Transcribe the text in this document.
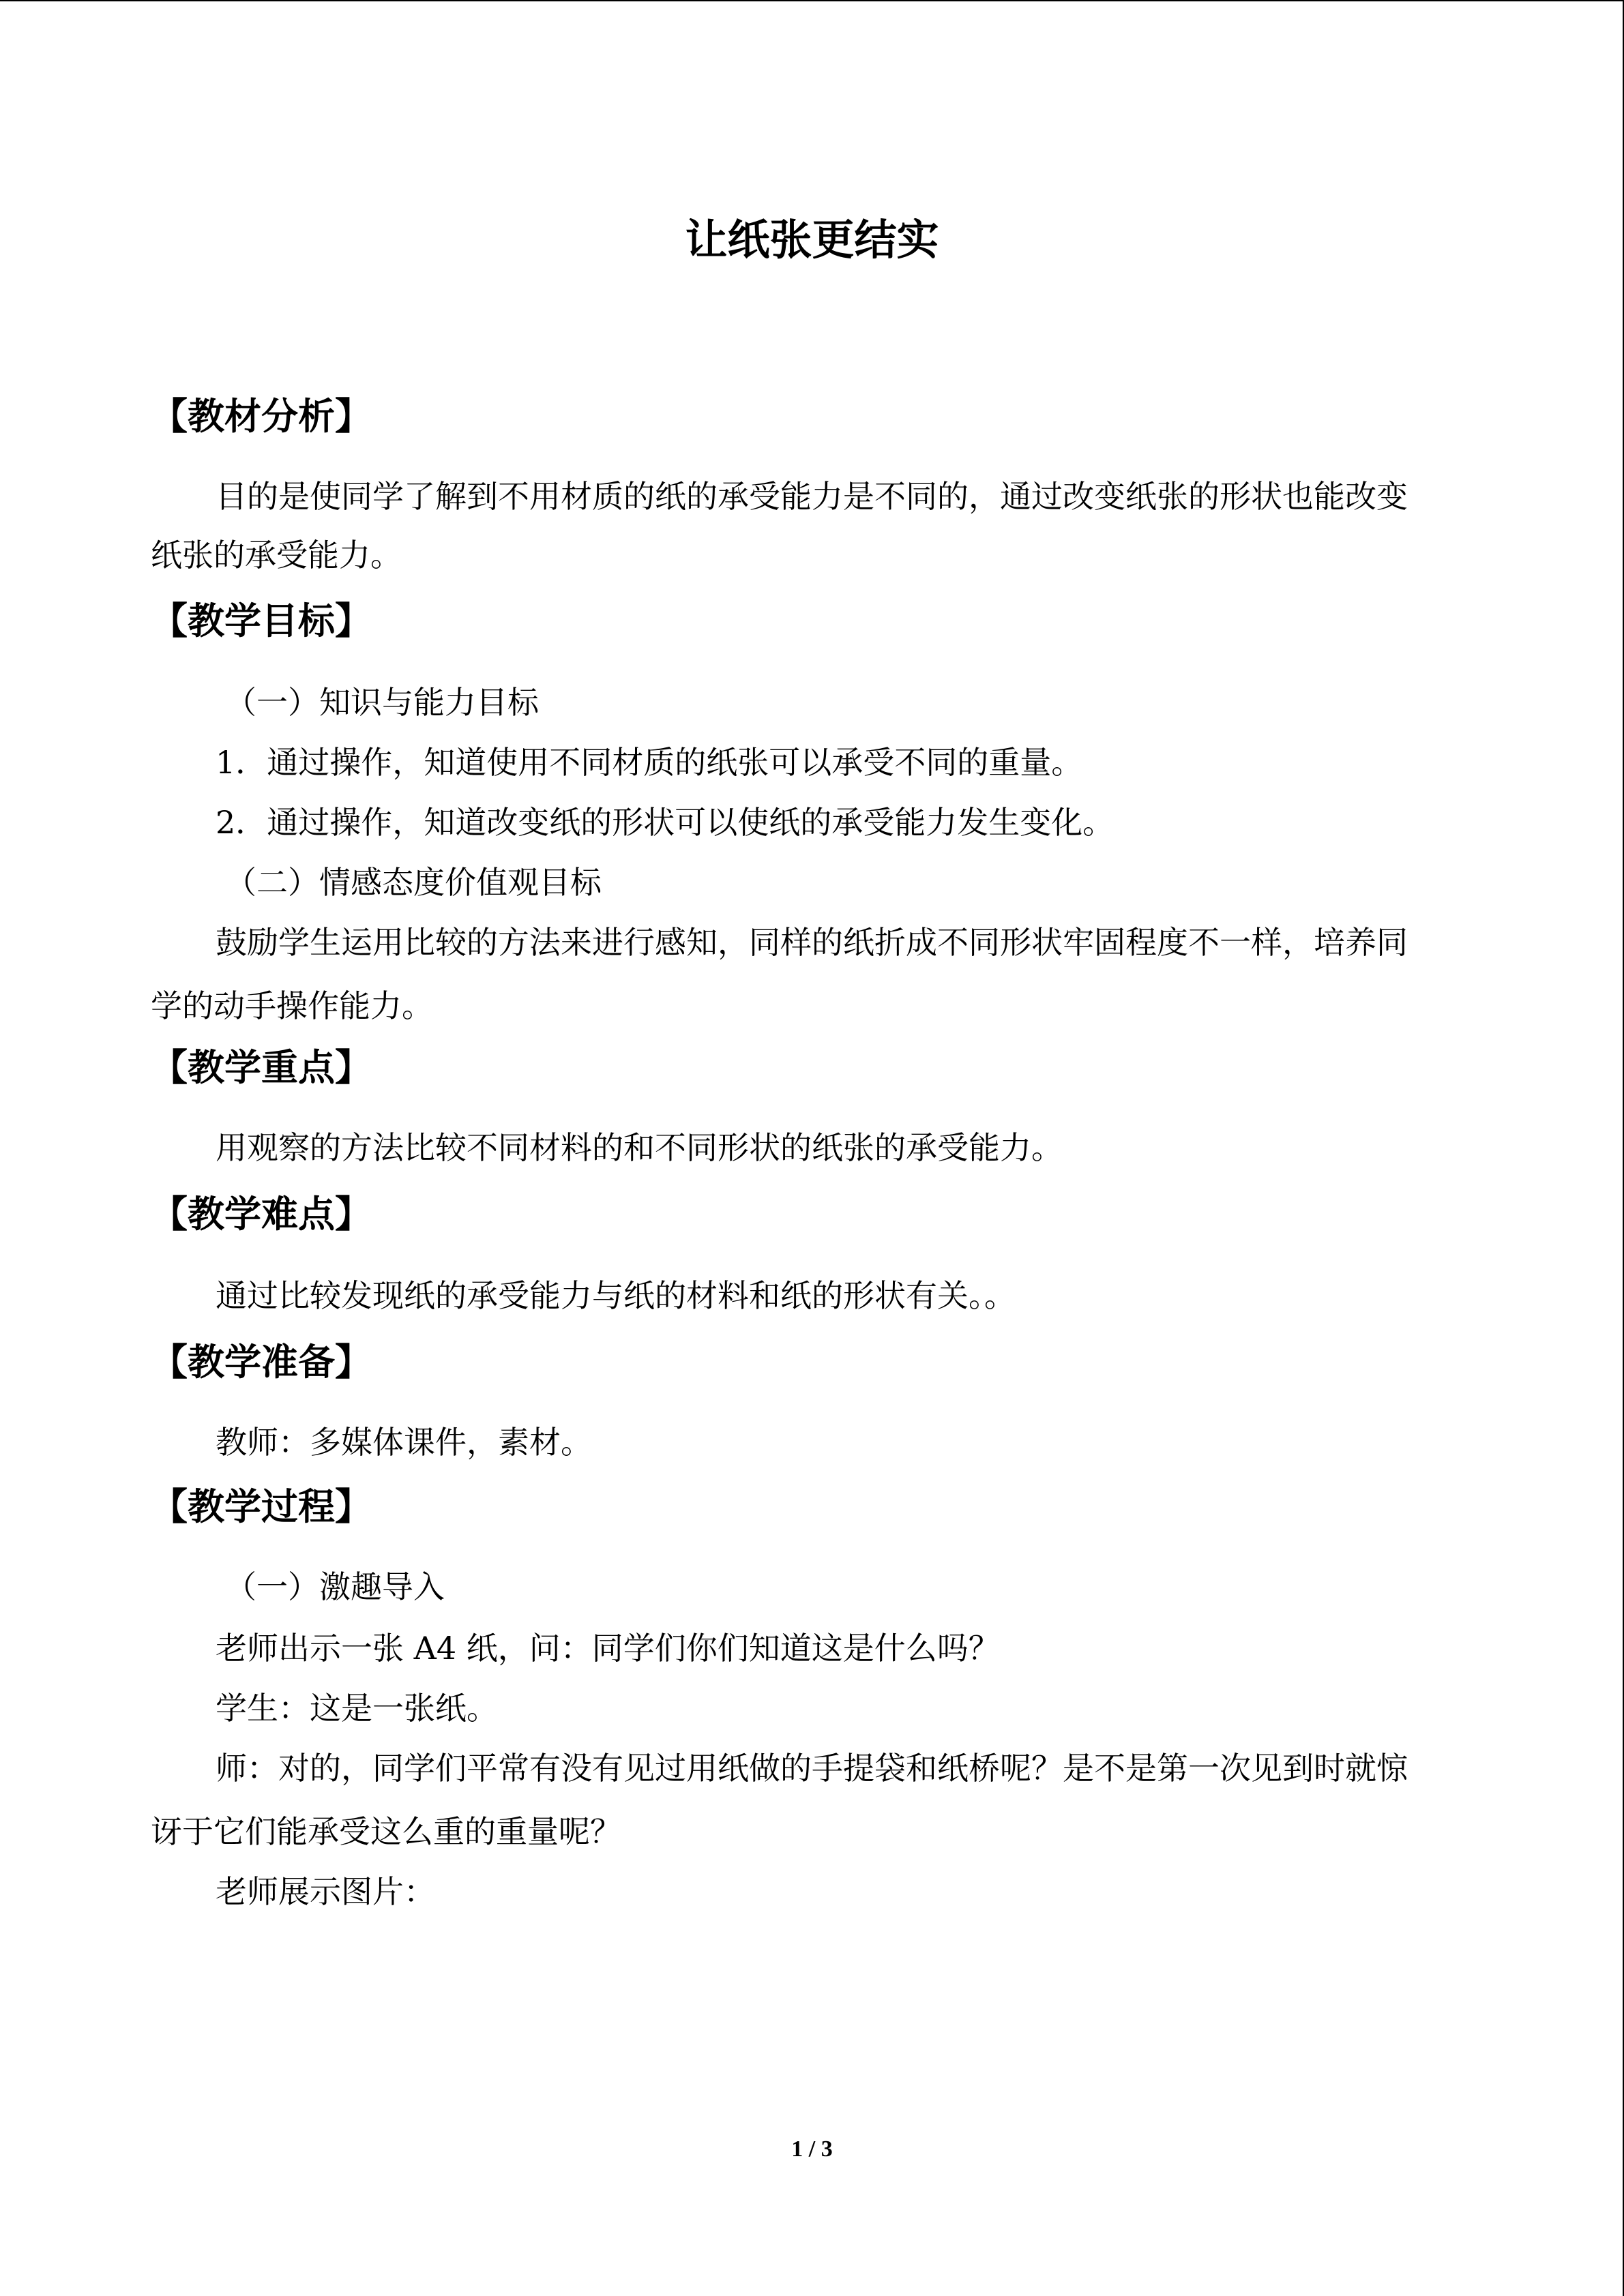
让纸张更结实
【教材分析】
目的是使同学了解到不用材质的纸的承受能力是不同的，通过改变纸张的形状也能改变
纸张的承受能力。
【教学目标】
（一）知识与能力目标
1．通过操作，知道使用不同材质的纸张可以承受不同的重量。
2．通过操作，知道改变纸的形状可以使纸的承受能力发生变化。
（二）情感态度价值观目标
鼓励学生运用比较的方法来进行感知，同样的纸折成不同形状牢固程度不一样，培养同
学的动手操作能力。
【教学重点】
用观察的方法比较不同材料的和不同形状的纸张的承受能力。
【教学难点】
通过比较发现纸的承受能力与纸的材料和纸的形状有关。。
【教学准备】
教师：多媒体课件，素材。
【教学过程】
（一）激趣导入
老师出示一张 A4 纸，问：同学们你们知道这是什么吗？
学生：这是一张纸。
师：对的，同学们平常有没有见过用纸做的手提袋和纸桥呢？是不是第一次见到时就惊
讶于它们能承受这么重的重量呢？
老师展示图片：
1 / 3
